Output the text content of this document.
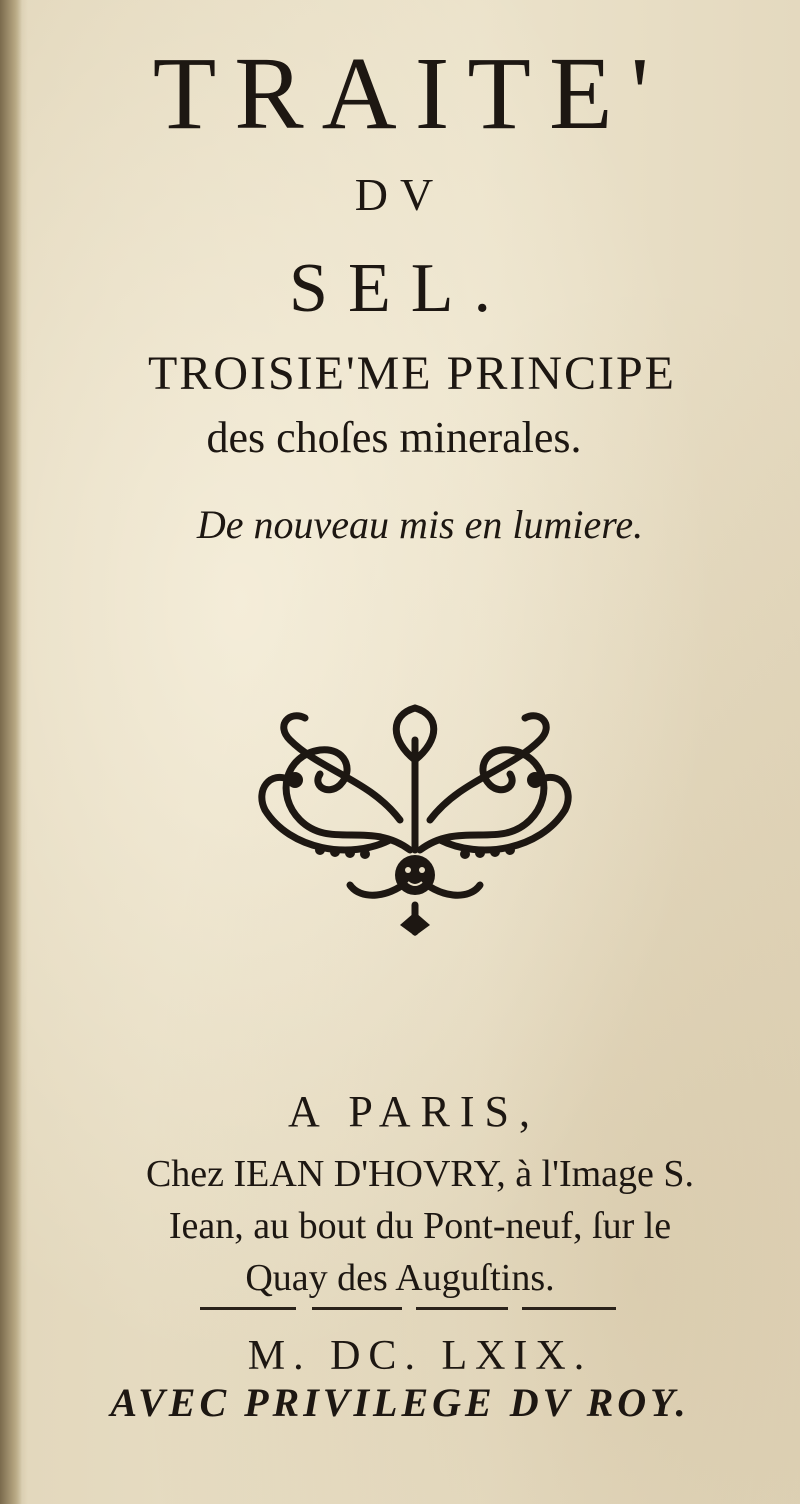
TRAITE'
DV
SEL.
TROISIE'ME PRINCIPE
des choſes minerales.
De nouveau mis en lumiere.
A PARIS,
Chez IEAN D'HOVRY, à l'Image S.
Iean, au bout du Pont-neuf, ſur le
Quay des Auguſtins.
M. DC. LXIX.
AVEC PRIVILEGE DV ROY.
